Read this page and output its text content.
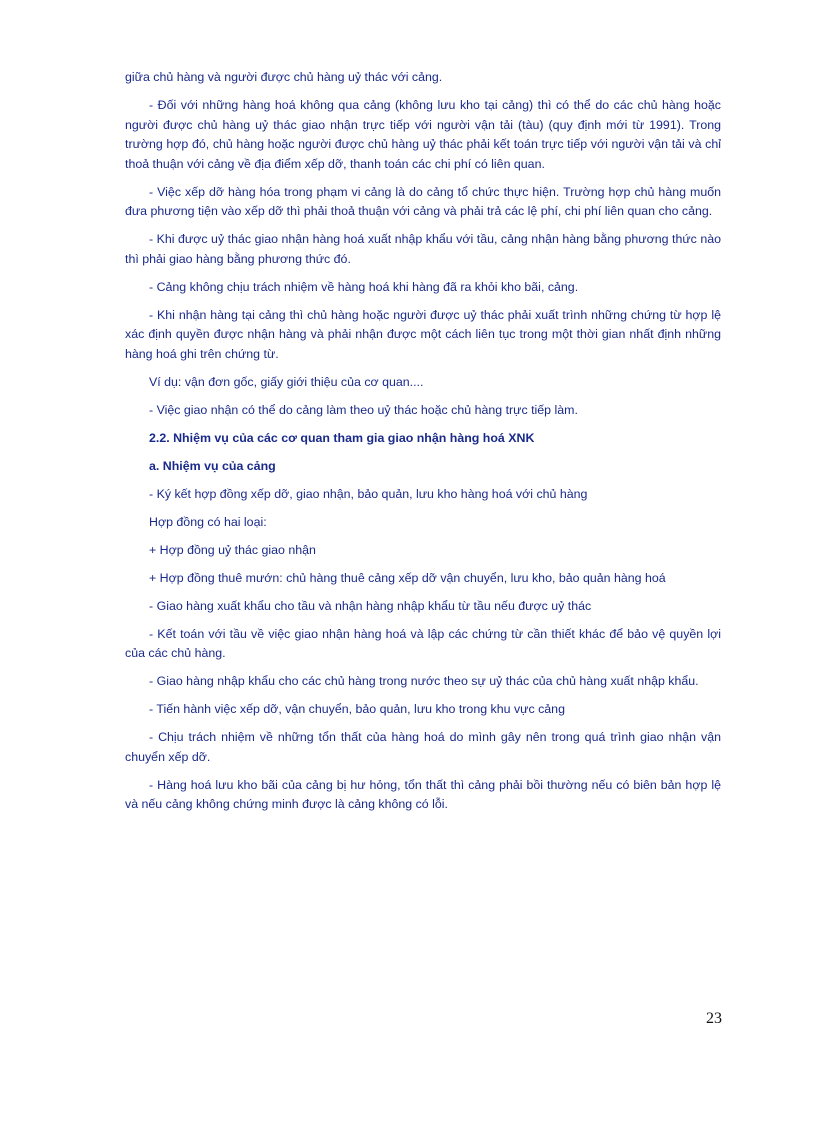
giữa chủ hàng và người được chủ hàng uỷ thác với cảng.

- Đối với những hàng hoá không qua cảng (không lưu kho tại cảng) thì có thể do các chủ hàng hoặc người được chủ hàng uỷ thác giao nhận trực tiếp với người vận tải (tàu) (quy định mới từ 1991). Trong trường hợp đó, chủ hàng hoặc người được chủ hàng uỷ thác phải kết toán trực tiếp với người vận tải và chỉ thoả thuận với cảng về địa điểm xếp dỡ, thanh toán các chi phí có liên quan.

- Việc xếp dỡ hàng hóa trong phạm vi cảng là do cảng tổ chức thực hiện. Trường hợp chủ hàng muốn đưa phương tiện vào xếp dỡ thì phải thoả thuận với cảng và phải trả các lệ phí, chi phí liên quan cho cảng.

- Khi được uỷ thác giao nhận hàng hoá xuất nhập khẩu với tầu, cảng nhận hàng bằng phương thức nào thì phải giao hàng bằng phương thức đó.

- Cảng không chịu trách nhiệm về hàng hoá khi hàng đã ra khỏi kho bãi, cảng.

- Khi nhận hàng tại cảng thì chủ hàng hoặc người được uỷ thác phải xuất trình những chứng từ hợp lệ xác định quyền được nhận hàng và phải nhận được một cách liên tục trong một thời gian nhất định những hàng hoá ghi trên chứng từ.

Ví dụ: vận đơn gốc, giấy giới thiệu của cơ quan....

- Việc giao nhận có thể do cảng làm theo uỷ thác hoặc chủ hàng trực tiếp làm.

2.2. Nhiệm vụ của các cơ quan tham gia giao nhận hàng hoá XNK

a. Nhiệm vụ của cảng

- Ký kết hợp đồng xếp dỡ, giao nhận, bảo quản, lưu kho hàng hoá với chủ hàng

Hợp đồng có hai loại:

+ Hợp đồng uỷ thác giao nhận

+ Hợp đồng thuê mướn: chủ hàng thuê cảng xếp dỡ vận chuyển, lưu kho, bảo quản hàng hoá

- Giao hàng xuất khẩu cho tầu và nhận hàng nhập khẩu từ tầu nếu được uỷ thác

- Kết toán với tầu về việc giao nhận hàng hoá và lập các chứng từ cần thiết khác để bảo vệ quyền lợi của các chủ hàng.

- Giao hàng nhập khẩu cho các chủ hàng trong nước theo sự uỷ thác của chủ hàng xuất nhập khẩu.

- Tiến hành việc xếp dỡ, vận chuyển, bảo quản, lưu kho trong khu vực cảng

- Chịu trách nhiệm về những tổn thất của hàng hoá do mình gây nên trong quá trình giao nhận vận chuyển xếp dỡ.

- Hàng hoá lưu kho bãi của cảng bị hư hỏng, tổn thất thì cảng phải bồi thường nếu có biên bản hợp lệ và nếu cảng không chứng minh được là cảng không có lỗi.

23
